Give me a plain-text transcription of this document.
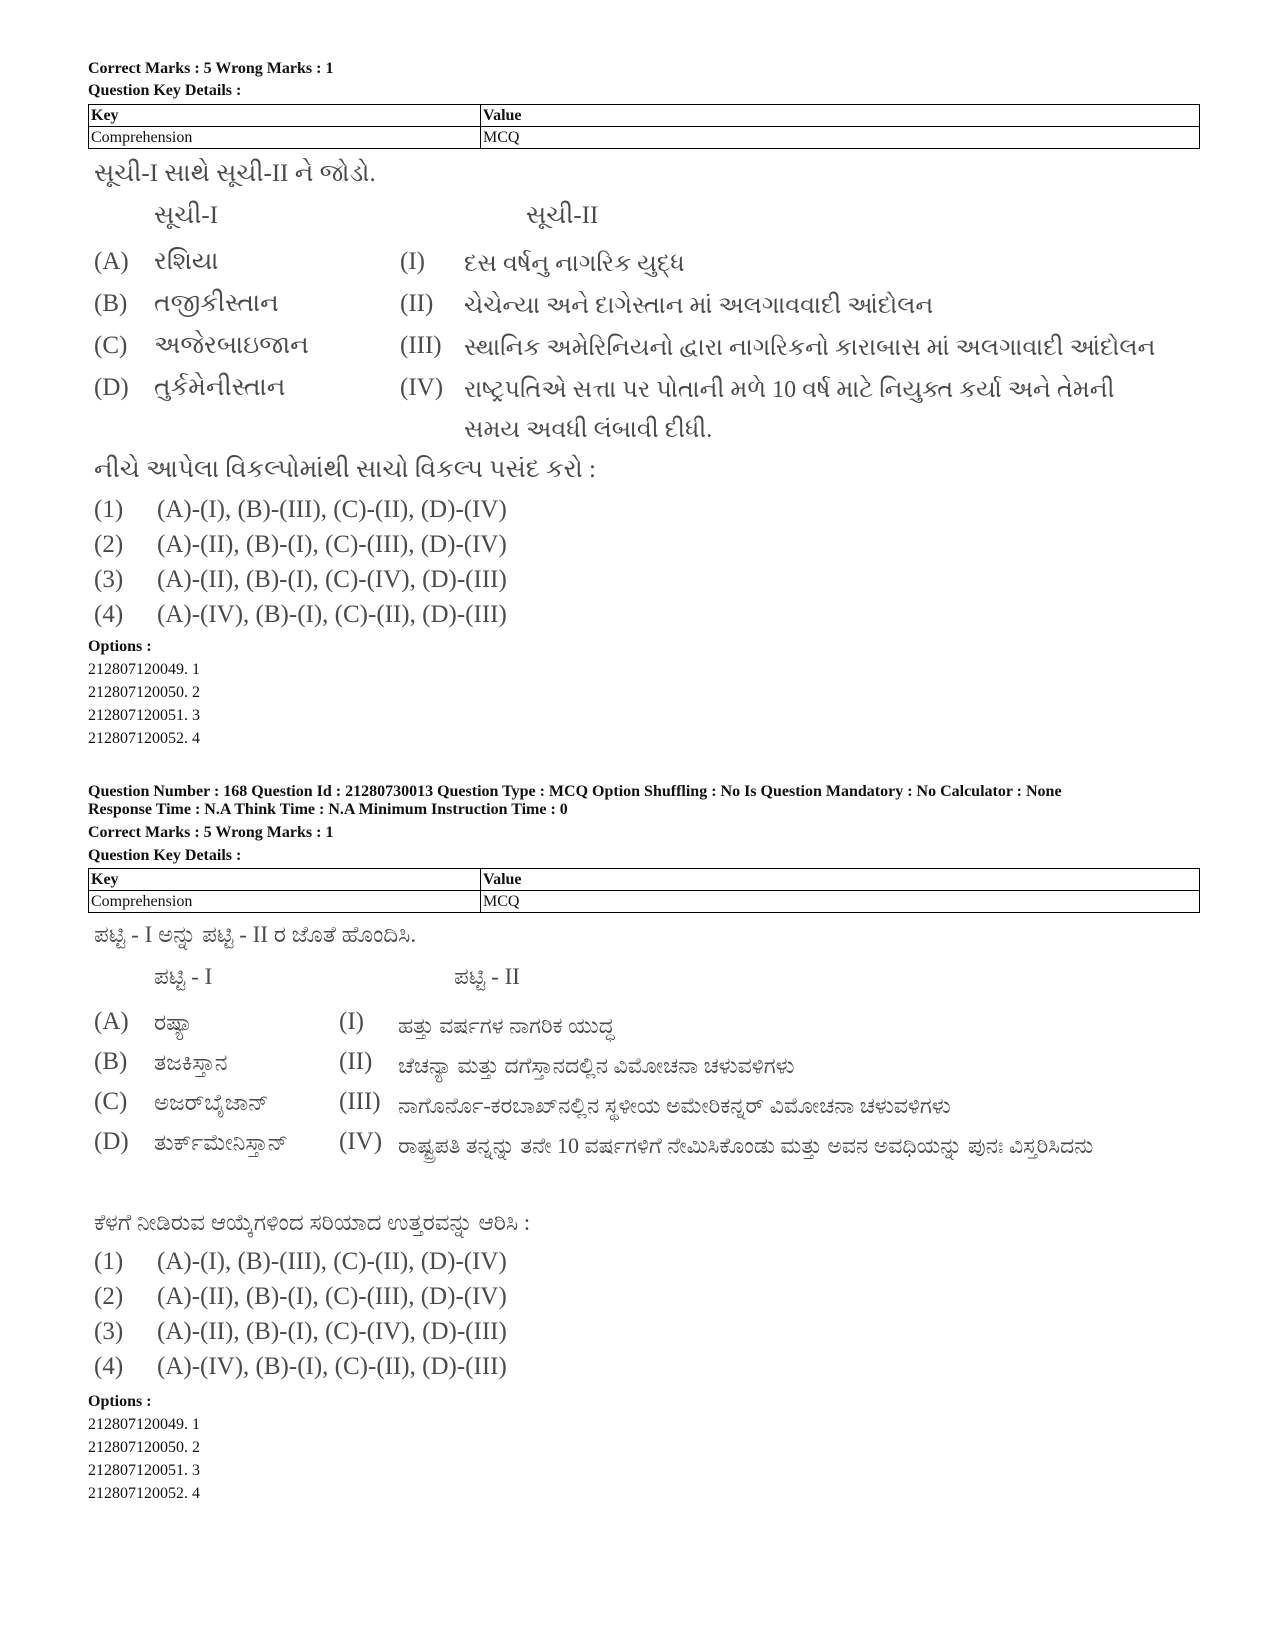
Correct Marks : 5 Wrong Marks : 1

Question Key Details :

Key	Value
Comprehension	MCQ
સૂચી-I સાથે સૂચી-II ને જોડો.
સૂચી-I	સૂચી-II
(A) રશિયા	(I) દસ વર્ષનુ નાગરિક યુદ્ધ
(B) તજીકીસ્તાન	(II) ચેચેન્યા અને દાગેસ્તાન માં અલગાવવાદી આંદોલન
(C) અજેરબાઇજાન	(III) સ્થાનિક અમેરિનિયનો દ્વારા નાગરિકનો કારાબાસ માં અલગાવાદી આંદોલન
(D) તુર્કમેનીસ્તાન	(IV) રાષ્ટ્રપતિએ સત્તા પર પોતાની મળે 10 વર્ષ માટે નિયુક્ત કર્યા અને તેમની સમય અવધી લંબાવી દીધી.
નીચે આપેલા વિકલ્પોમાંથી સાચો વિકલ્પ પસંદ કરો :
(1) (A)-(I), (B)-(III), (C)-(II), (D)-(IV)
(2) (A)-(II), (B)-(I), (C)-(III), (D)-(IV)
(3) (A)-(II), (B)-(I), (C)-(IV), (D)-(III)
(4) (A)-(IV), (B)-(I), (C)-(II), (D)-(III)

Options :

212807120049. 1

212807120050. 2

212807120051. 3

212807120052. 4

Question Number : 168 Question Id : 21280730013 Question Type : MCQ Option Shuffling : No Is Question Mandatory : No Calculator : None

Response Time : N.A Think Time : N.A Minimum Instruction Time : 0

Correct Marks : 5 Wrong Marks : 1

Question Key Details :

Key	Value
Comprehension	MCQ
ಪಟ್ಟಿ - I ಅನ್ನು ಪಟ್ಟಿ - II ರ ಜೊತೆ ಹೊಂದಿಸಿ.
ಪಟ್ಟಿ - I	ಪಟ್ಟಿ - II
(A) ರಷ್ಯಾ	(I) ಹತ್ತು ವರ್ಷಗಳ ನಾಗರಿಕ ಯುದ್ಧ
(B) ತಜಕಿಸ್ತಾನ	(II) ಚೆಚನ್ಯಾ ಮತ್ತು ದಗೆಸ್ತಾನದಲ್ಲಿನ ವಿಮೋಚನಾ ಚಳುವಳಿಗಳು
(C) ಅಜರ್‌ಬೈಜಾನ್	(III) ನಾಗೊರ್ನೊ-ಕರಬಾಖ್‌ನಲ್ಲಿನ ಸ್ಥಳೀಯ ಅಮೇರಿಕನ್ನರ್ ವಿಮೋಚನಾ ಚಳುವಳಿಗಳು
(D) ತುರ್ಕ್‌ಮೇನಿಸ್ತಾನ್ (IV) ರಾಷ್ಟ್ರಪತಿ ತನ್ನನ್ನು ತನೇ 10 ವರ್ಷಗಳಿಗೆ ನೇಮಿಸಿಕೊಂಡು ಮತ್ತು ಅವನ ಅವಧಿಯನ್ನು ಪುನಃ ವಿಸ್ತರಿಸಿದನು
ಕೆಳಗೆ ನೀಡಿರುವ ಆಯ್ಕೆಗಳಿಂದ ಸರಿಯಾದ ಉತ್ತರವನ್ನು ಆರಿಸಿ :
(1) (A)-(I), (B)-(III), (C)-(II), (D)-(IV)
(2) (A)-(II), (B)-(I), (C)-(III), (D)-(IV)
(3) (A)-(II), (B)-(I), (C)-(IV), (D)-(III)
(4) (A)-(IV), (B)-(I), (C)-(II), (D)-(III)

Options :

212807120049. 1

212807120050. 2

212807120051. 3

212807120052. 4
